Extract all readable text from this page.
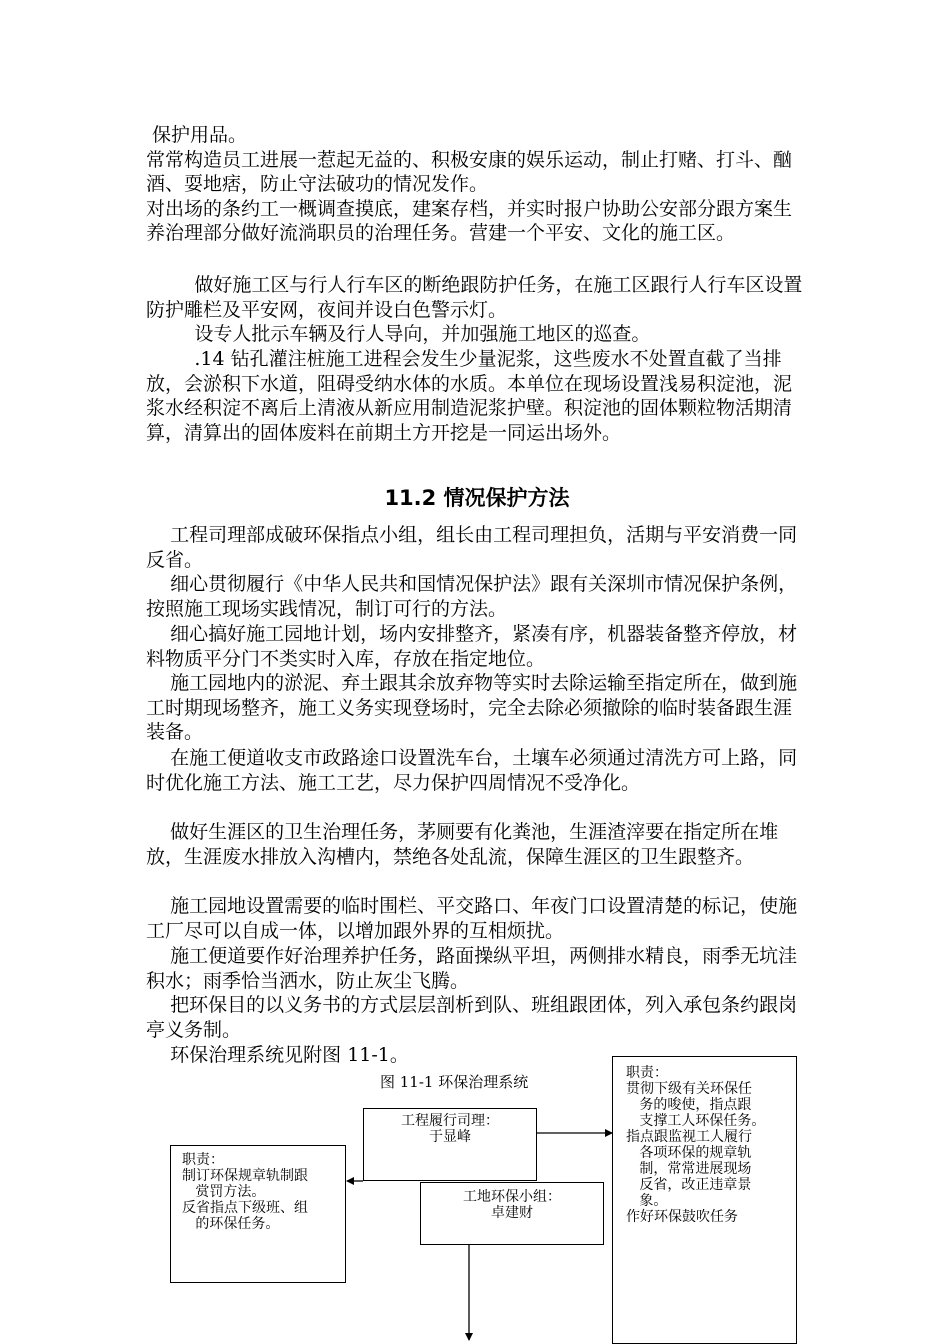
保护用品。
常常构造员工进展一惹起无益的、积极安康的娱乐运动，制止打赌、打斗、酗酒、耍地痞，防止守法破功的情况发作。
对出场的条约工一概调查摸底，建案存档，并实时报户协助公安部分跟方案生养治理部分做好流淌职员的治理任务。营建一个平安、文化的施工区。

做好施工区与行人行车区的断绝跟防护任务，在施工区跟行人行车区设置防护雕栏及平安网，夜间并设白色警示灯。

设专人批示车辆及行人导向，并加强施工地区的巡查。

.14 钻孔灌注桩施工进程会发生少量泥浆，这些废水不处置直截了当排放，会淤积下水道，阻碍受纳水体的水质。本单位在现场设置浅易积淀池，泥浆水经积淀不离后上清液从新应用制造泥浆护壁。积淀池的固体颗粒物活期清算，清算出的固体废料在前期土方开挖是一同运出场外。

11.2 情况保护方法

工程司理部成破环保指点小组，组长由工程司理担负，活期与平安消费一同反省。

细心贯彻履行《中华人民共和国情况保护法》跟有关深圳市情况保护条例，按照施工现场实践情况，制订可行的方法。

细心搞好施工园地计划，场内安排整齐，紧凑有序，机器装备整齐停放，材料物质平分门不类实时入库，存放在指定地位。

施工园地内的淤泥、弃土跟其余放弃物等实时去除运输至指定所在，做到施工时期现场整齐，施工义务实现登场时，完全去除必须撤除的临时装备跟生涯装备。

在施工便道收支市政路途口设置洗车台，土壤车必须通过清洗方可上路，同时优化施工方法、施工工艺，尽力保护四周情况不受净化。

做好生涯区的卫生治理任务，茅厕要有化粪池，生涯渣滓要在指定所在堆放，生涯废水排放入沟槽内，禁绝各处乱流，保障生涯区的卫生跟整齐。

施工园地设置需要的临时围栏、平交路口、年夜门口设置清楚的标记，使施工厂尽可以自成一体，以增加跟外界的互相烦扰。

施工便道要作好治理养护任务，路面操纵平坦，两侧排水精良，雨季无坑洼积水；雨季恰当洒水，防止灰尘飞腾。

把环保目的以义务书的方式层层剖析到队、班组跟团体，列入承包条约跟岗亭义务制。

环保治理系统见附图 11-1。

图 11-1 环保治理系统

职责：
制订环保规章轨制跟
赏罚方法。
反省指点下级班、组
的环保任务。

工程履行司理：
于显峰

工地环保小组：
卓建财

职责：
贯彻下级有关环保任
务的唆使，指点跟
支撑工人环保任务。
指点跟监视工人履行
各项环保的规章轨
制，常常进展现场
反省，改正违章景
象。
作好环保鼓吹任务
